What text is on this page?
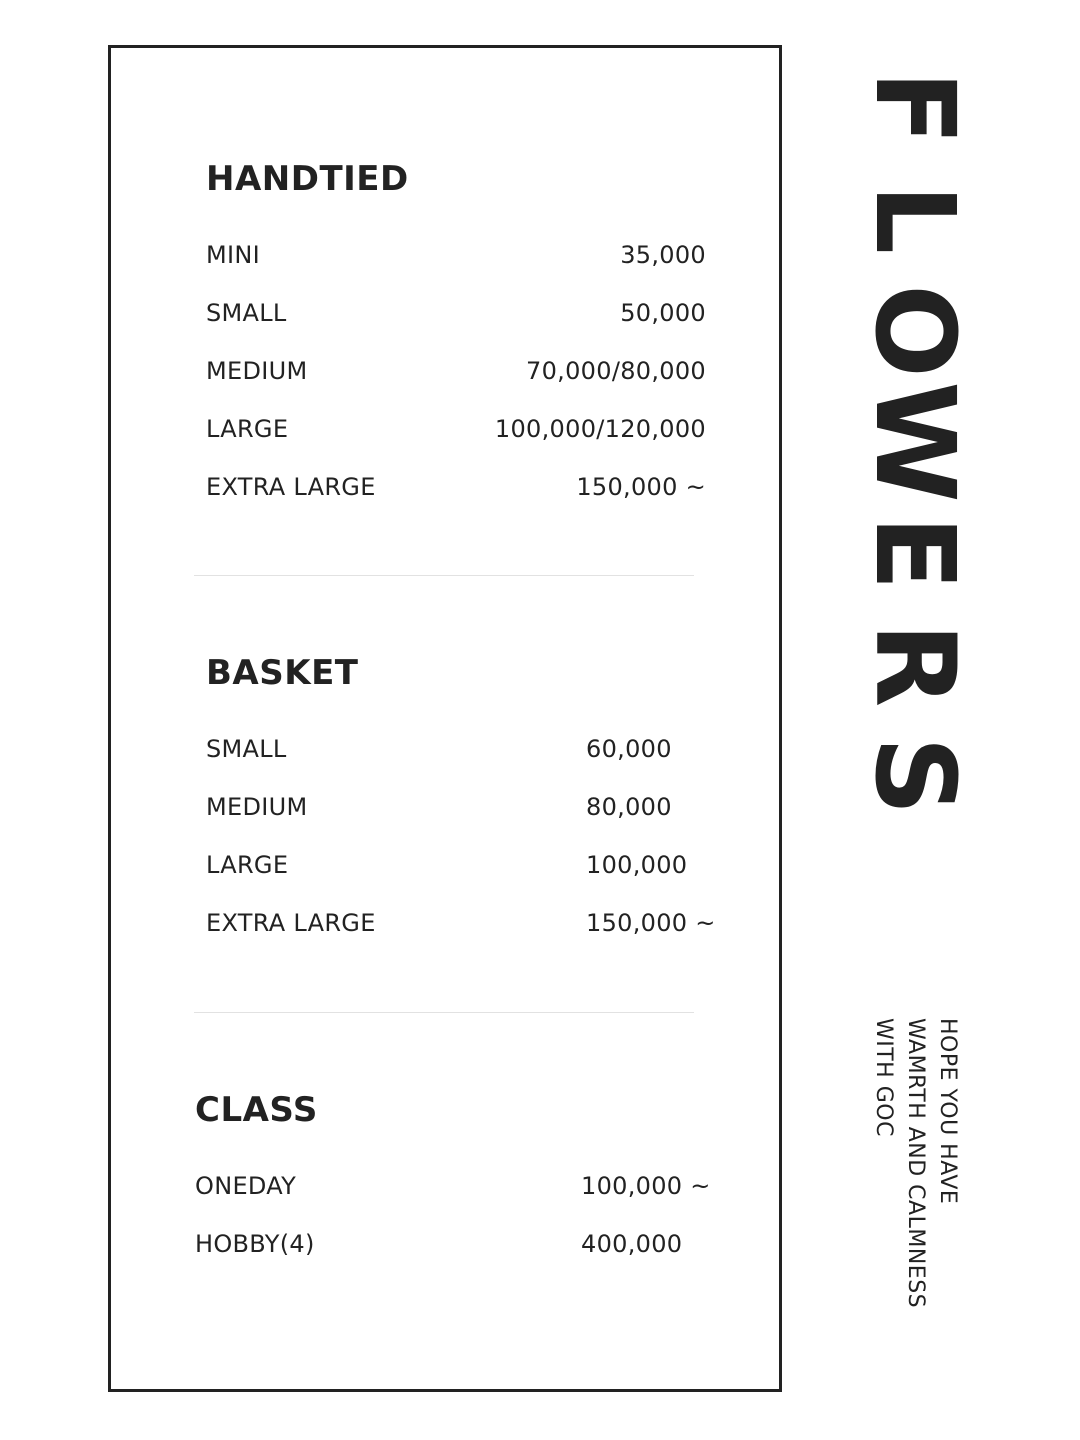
HANDTIED
MINI	35,000
SMALL	50,000
MEDIUM	70,000/80,000
LARGE	100,000/120,000
EXTRA LARGE	150,000 ~
BASKET
SMALL	60,000
MEDIUM	80,000
LARGE	100,000
EXTRA LARGE	150,000 ~
CLASS
ONEDAY	100,000 ~
HOBBY(4)	400,000
F
L
O
W
E
R
S
HOPE YOU HAVE
WAMRTH AND CALMNESS
WITH GOC
